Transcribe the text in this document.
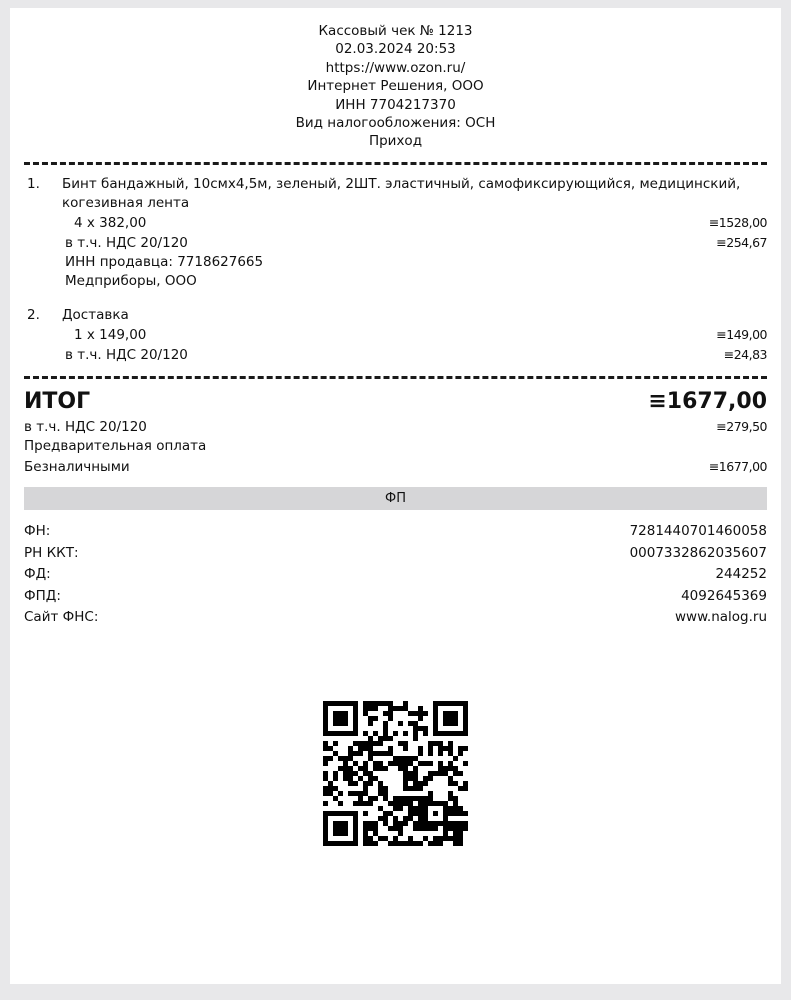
Кассовый чек № 1213
02.03.2024 20:53
https://www.ozon.ru/
Интернет Решения, ООО
ИНН 7704217370
Вид налогообложения: ОСН
Приход
1.	Бинт бандажный, 10смх4,5м, зеленый, 2ШТ. эластичный, самофиксирующийся, медицинский, когезивная лента
4 x 382,00	≡1528,00
в т.ч. НДС 20/120	≡254,67
ИНН продавца: 7718627665
Медприборы, ООО
2.	Доставка
1 x 149,00	≡149,00
в т.ч. НДС 20/120	≡24,83
ИТОГ	≡1677,00
в т.ч. НДС 20/120	≡279,50
Предварительная оплата
Безналичными	≡1677,00
ФП
ФН:	7281440701460058
РН ККТ:	0007332862035607
ФД:	244252
ФПД:	4092645369
Сайт ФНС:	www.nalog.ru
